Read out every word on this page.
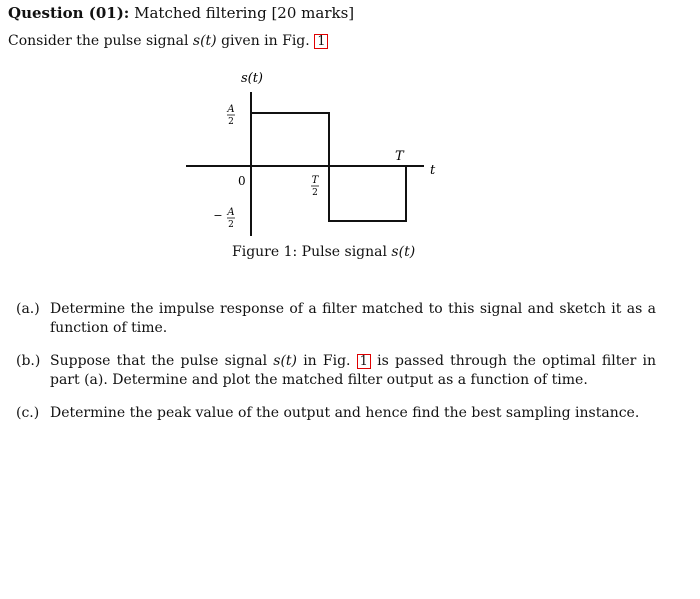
Question (01): Matched filtering [20 marks]
Consider the pulse signal s(t) given in Fig. 1
s(t)
t
0
T
T
2
A
2
− A
2
Figure 1: Pulse signal s(t)
(a.) Determine the impulse response of a filter matched to this signal and sketch it as a function of time.
(b.) Suppose that the pulse signal s(t) in Fig. 1 is passed through the optimal filter in part (a). Determine and plot the matched filter output as a function of time.
(c.) Determine the peak value of the output and hence find the best sampling instance.
